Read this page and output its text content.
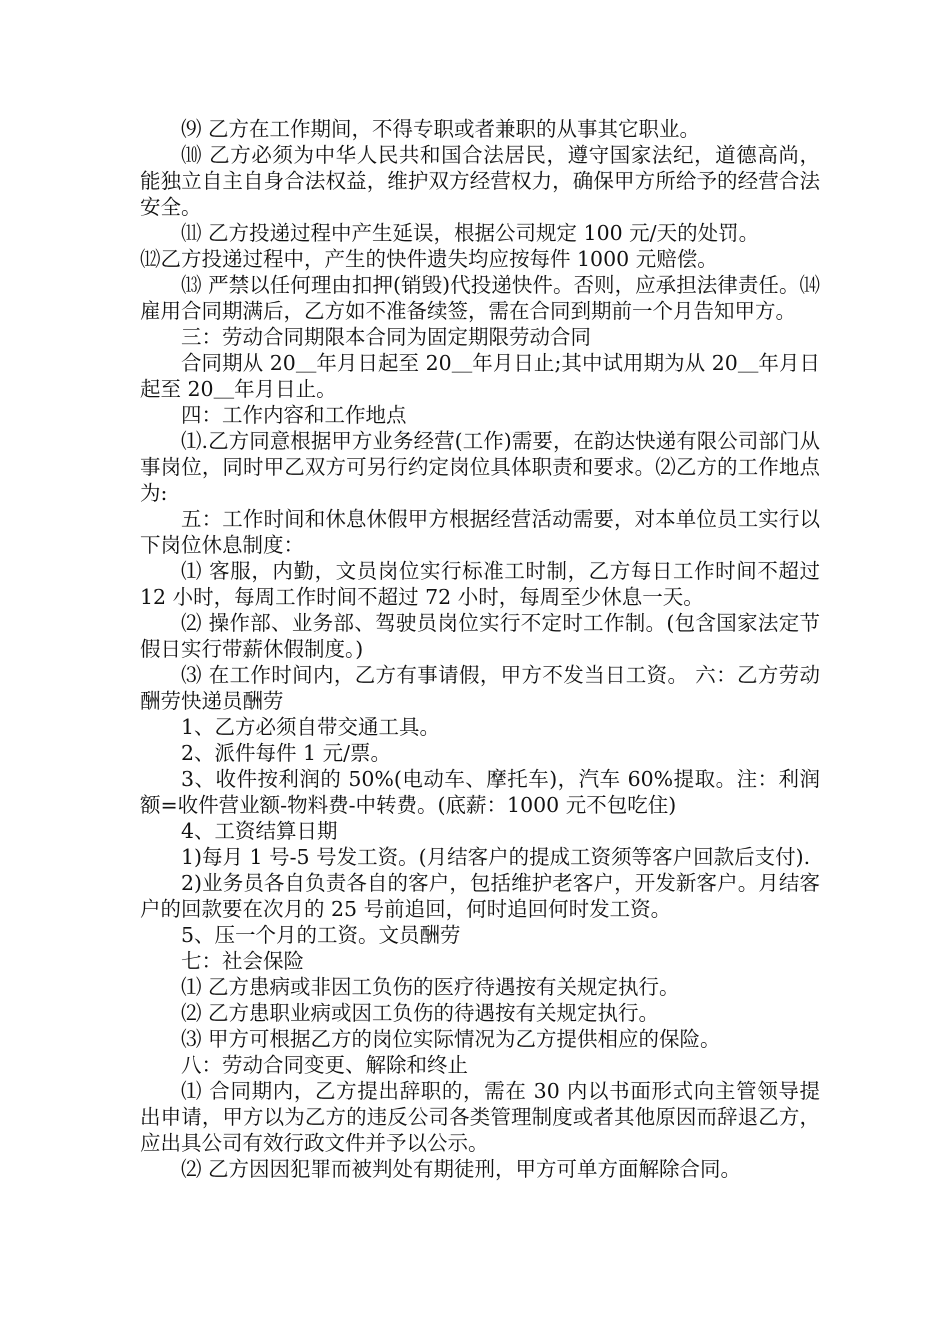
⑼ 乙方在工作期间，不得专职或者兼职的从事其它职业。

⑽ 乙方必须为中华人民共和国合法居民，遵守国家法纪，道德高尚，能独立自主自身合法权益，维护双方经营权力，确保甲方所给予的经营合法安全。

⑾ 乙方投递过程中产生延误，根据公司规定 100 元/天的处罚。

⑿乙方投递过程中，产生的快件遗失均应按每件 1000 元赔偿。

⒀ 严禁以任何理由扣押(销毁)代投递快件。否则，应承担法律责任。⒁雇用合同期满后，乙方如不准备续签，需在合同到期前一个月告知甲方。

三：劳动合同期限本合同为固定期限劳动合同

合同期从 20＿年月日起至 20＿年月日止;其中试用期为从 20＿年月日起至 20＿年月日止。

四：工作内容和工作地点

⑴.乙方同意根据甲方业务经营(工作)需要，在韵达快递有限公司部门从事岗位，同时甲乙双方可另行约定岗位具体职责和要求。⑵乙方的工作地点为:

五：工作时间和休息休假甲方根据经营活动需要，对本单位员工实行以下岗位休息制度：

⑴ 客服，内勤，文员岗位实行标准工时制，乙方每日工作时间不超过 12 小时，每周工作时间不超过 72 小时，每周至少休息一天。

⑵ 操作部、业务部、驾驶员岗位实行不定时工作制。(包含国家法定节假日实行带薪休假制度。)

⑶ 在工作时间内，乙方有事请假，甲方不发当日工资。 六：乙方劳动酬劳快递员酬劳

1、乙方必须自带交通工具。

2、派件每件 1 元/票。

3、收件按利润的 50%(电动车、摩托车)，汽车 60%提取。注：利润额=收件营业额-物料费-中转费。(底薪：1000 元不包吃住)

4、工资结算日期

1)每月 1 号-5 号发工资。(月结客户的提成工资须等客户回款后支付).

2)业务员各自负责各自的客户，包括维护老客户，开发新客户。月结客户的回款要在次月的 25 号前追回，何时追回何时发工资。

5、压一个月的工资。文员酬劳

七：社会保险

⑴ 乙方患病或非因工负伤的医疗待遇按有关规定执行。

⑵ 乙方患职业病或因工负伤的待遇按有关规定执行。

⑶ 甲方可根据乙方的岗位实际情况为乙方提供相应的保险。

八：劳动合同变更、解除和终止

⑴ 合同期内，乙方提出辞职的，需在 30 内以书面形式向主管领导提出申请，甲方以为乙方的违反公司各类管理制度或者其他原因而辞退乙方，应出具公司有效行政文件并予以公示。

⑵ 乙方因因犯罪而被判处有期徒刑，甲方可单方面解除合同。
